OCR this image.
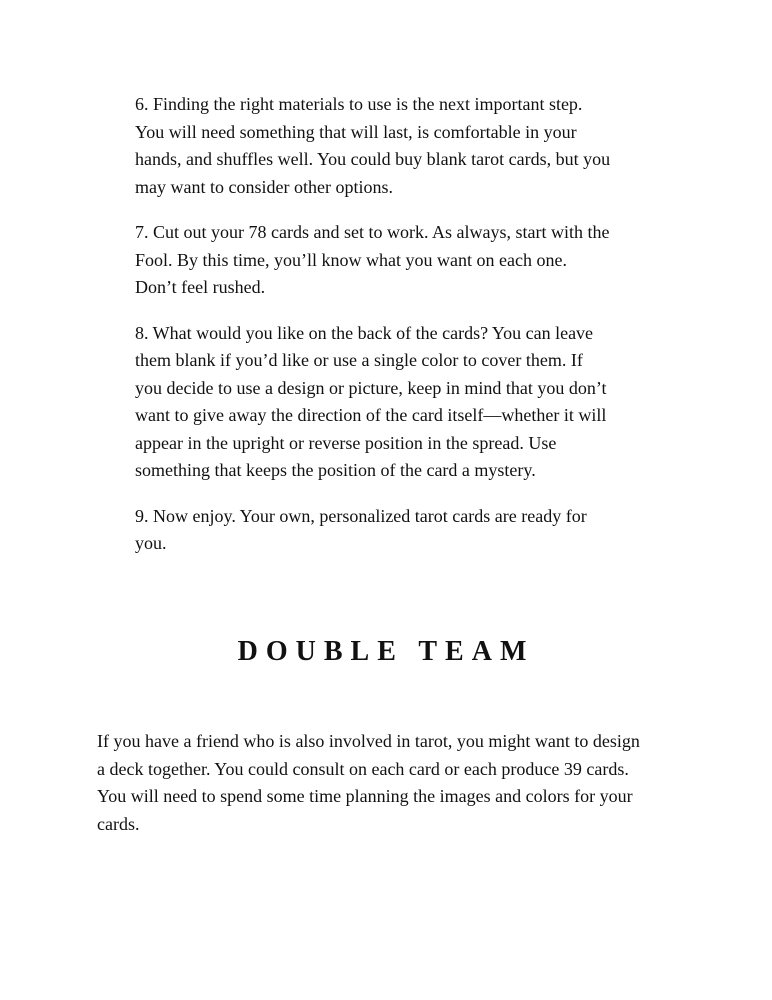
6. Finding the right materials to use is the next important step.
You will need something that will last, is comfortable in your
hands, and shuffles well. You could buy blank tarot cards, but you
may want to consider other options.

7. Cut out your 78 cards and set to work. As always, start with the
Fool. By this time, you’ll know what you want on each one.
Don’t feel rushed.

8. What would you like on the back of the cards? You can leave
them blank if you’d like or use a single color to cover them. If
you decide to use a design or picture, keep in mind that you don’t
want to give away the direction of the card itself—whether it will
appear in the upright or reverse position in the spread. Use
something that keeps the position of the card a mystery.

9. Now enjoy. Your own, personalized tarot cards are ready for
you.

DOUBLE TEAM

If you have a friend who is also involved in tarot, you might want to design
a deck together. You could consult on each card or each produce 39 cards.
You will need to spend some time planning the images and colors for your
cards.
